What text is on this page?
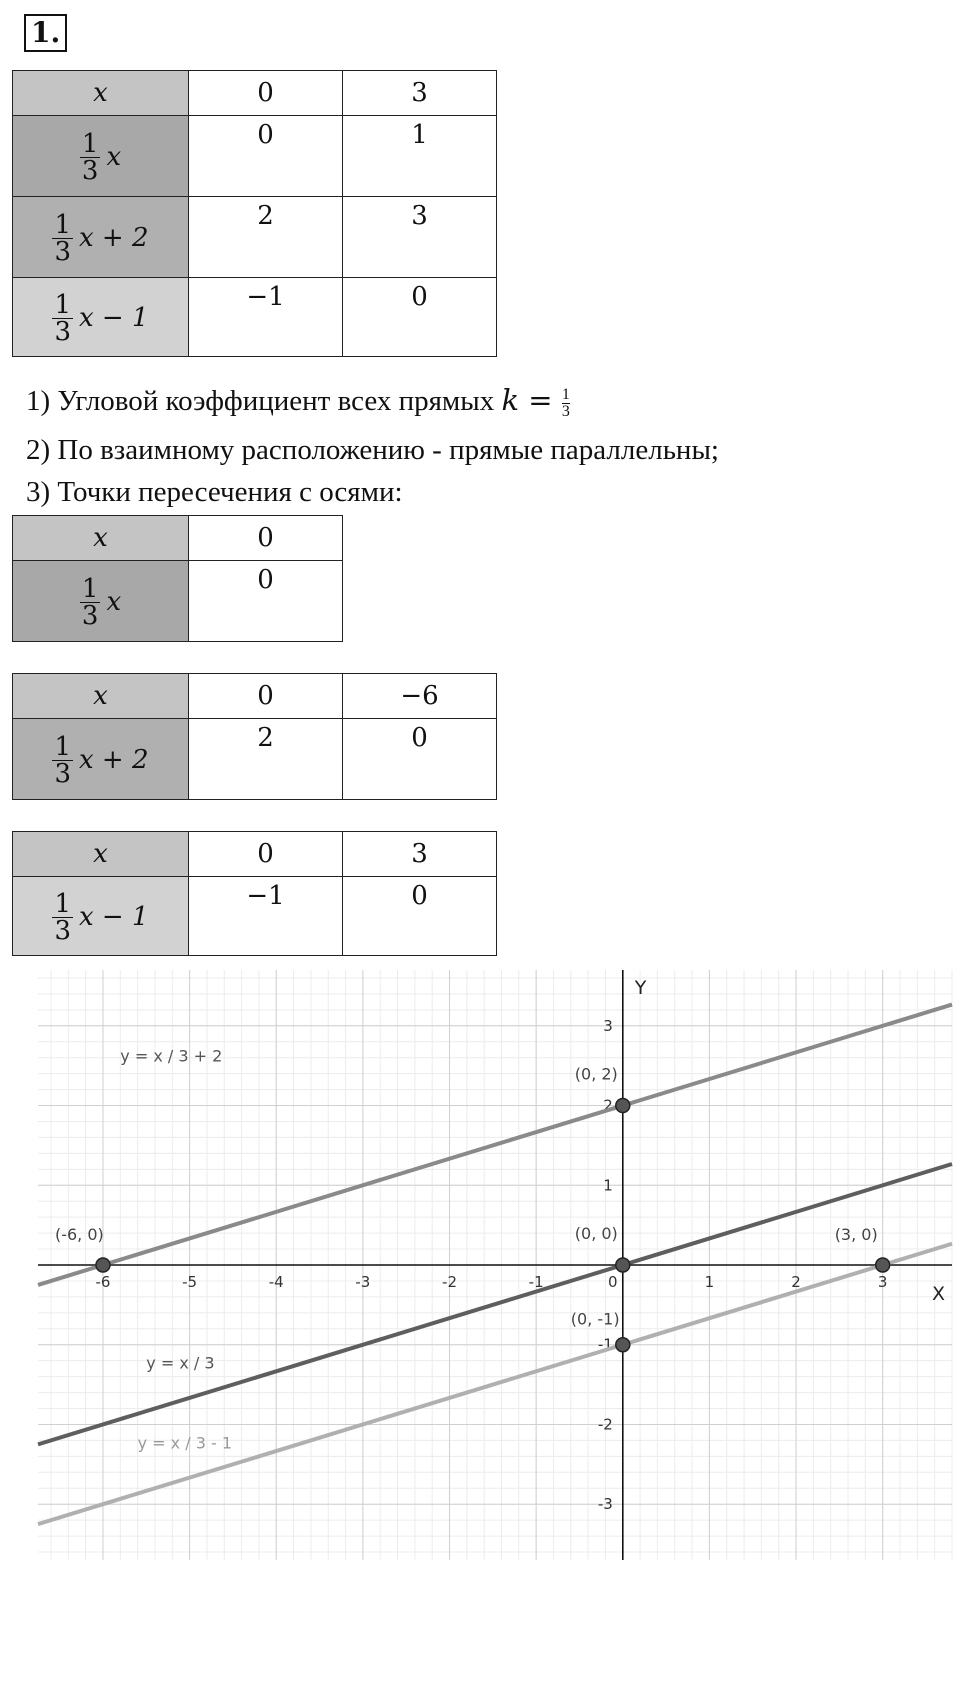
1.
x	0	3

1
3 x	0	1

1
3 x + 2	2	3

1
3 x − 1	−1	0
1) Угловой коэффициент всех прямых $k = \frac{1}{3}$
2) По взаимному расположению - прямые параллельны;
3) Точки пересечения с осями:
x	0

1
3 x	0
x	0	−6

1
3 x + 2	2	0
x	0	3

1
3 x − 1	−1	0
-6	-5	-4	-3	-2	-1	0	1	2	3
-3
-2
-1
1
2
3
X
Y
y = x / 3 + 2
y = x / 3
y = x / 3 - 1
(-6, 0)
(0, 2)
(0, 0)	(3, 0)
(0, -1)
